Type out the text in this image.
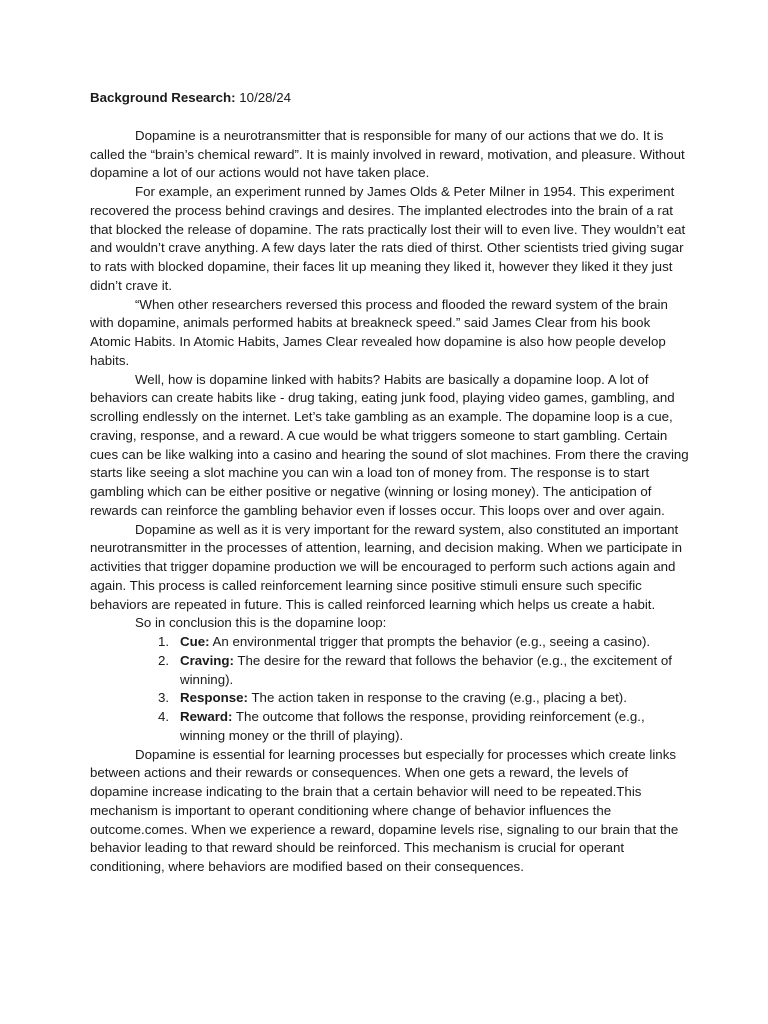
Background Research: 10/28/24

Dopamine is a neurotransmitter that is responsible for many of our actions that we do. It is called the “brain’s chemical reward”. It is mainly involved in reward, motivation, and pleasure. Without dopamine a lot of our actions would not have taken place.

For example, an experiment runned by James Olds & Peter Milner in 1954. This experiment recovered the process behind cravings and desires. The implanted electrodes into the brain of a rat that blocked the release of dopamine. The rats practically lost their will to even live. They wouldn’t eat and wouldn’t crave anything. A few days later the rats died of thirst. Other scientists tried giving sugar to rats with blocked dopamine, their faces lit up meaning they liked it, however they liked it they just didn’t crave it.

“When other researchers reversed this process and flooded the reward system of the brain with dopamine, animals performed habits at breakneck speed.” said James Clear from his book Atomic Habits. In Atomic Habits, James Clear revealed how dopamine is also how people develop habits.

Well, how is dopamine linked with habits? Habits are basically a dopamine loop. A lot of behaviors can create habits like - drug taking, eating junk food, playing video games, gambling, and scrolling endlessly on the internet. Let’s take gambling as an example. The dopamine loop is a cue, craving, response, and a reward. A cue would be what triggers someone to start gambling. Certain cues can be like walking into a casino and hearing the sound of slot machines. From there the craving starts like seeing a slot machine you can win a load ton of money from. The response is to start gambling which can be either positive or negative (winning or losing money). The anticipation of rewards can reinforce the gambling behavior even if losses occur. This loops over and over again.

Dopamine as well as it is very important for the reward system, also constituted an important neurotransmitter in the processes of attention, learning, and decision making. When we participate in activities that trigger dopamine production we will be encouraged to perform such actions again and again. This process is called reinforcement learning since positive stimuli ensure such specific behaviors are repeated in future. This is called reinforced learning which helps us create a habit.

So in conclusion this is the dopamine loop:

1. Cue: An environmental trigger that prompts the behavior (e.g., seeing a casino).
2. Craving: The desire for the reward that follows the behavior (e.g., the excitement of winning).
3. Response: The action taken in response to the craving (e.g., placing a bet).
4. Reward: The outcome that follows the response, providing reinforcement (e.g., winning money or the thrill of playing).

Dopamine is essential for learning processes but especially for processes which create links between actions and their rewards or consequences. When one gets a reward, the levels of dopamine increase indicating to the brain that a certain behavior will need to be repeated.This mechanism is important to operant conditioning where change of behavior influences the outcome.comes. When we experience a reward, dopamine levels rise, signaling to our brain that the behavior leading to that reward should be reinforced. This mechanism is crucial for operant conditioning, where behaviors are modified based on their consequences.
